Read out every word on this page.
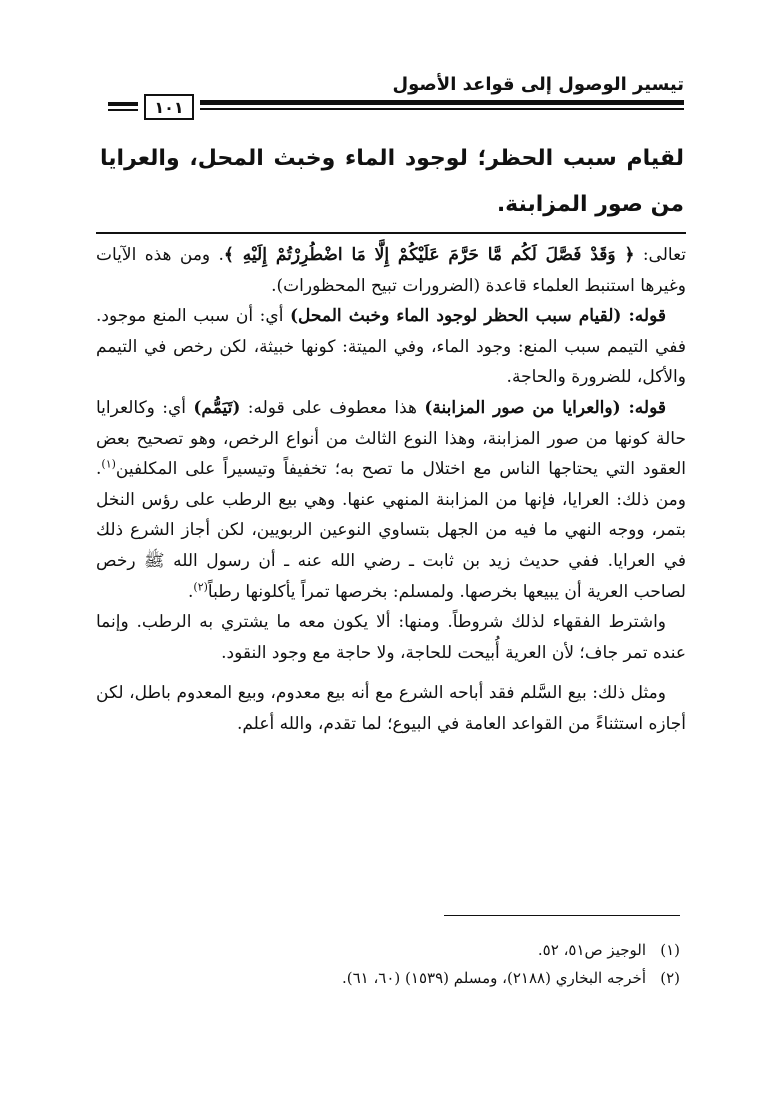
تيسير الوصول إلى قواعد الأصول
١٠١
لقيام سبب الحظر؛ لوجود الماء وخبث المحل، والعرايا من صور المزابنة.

تعالى: ﴿ وَقَدْ فَصَّلَ لَكُم مَّا حَرَّمَ عَلَيْكُمْ إِلَّا مَا اضْطُرِرْتُمْ إِلَيْهِ ﴾. ومن هذه الآيات وغيرها استنبط العلماء قاعدة (الضرورات تبيح المحظورات).

قوله: (لقيام سبب الحظر لوجود الماء وخبث المحل) أي: أن سبب المنع موجود. ففي التيمم سبب المنع: وجود الماء، وفي الميتة: كونها خبيثة، لكن رخص في التيمم والأكل، للضرورة والحاجة.

قوله: (والعرايا من صور المزابنة) هذا معطوف على قوله: (تَيَمُّم) أي: وكالعرايا حالة كونها من صور المزابنة، وهذا النوع الثالث من أنواع الرخص، وهو تصحيح بعض العقود التي يحتاجها الناس مع اختلال ما تصح به؛ تخفيفاً وتيسيراً على المكلفين$^{(١)}$. ومن ذلك: العرايا، فإنها من المزابنة المنهي عنها. وهي بيع الرطب على رؤس النخل بتمر، ووجه النهي ما فيه من الجهل بتساوي النوعين الربويين، لكن أجاز الشرع ذلك في العرايا. ففي حديث زيد بن ثابت ـ رضي الله عنه ـ أن رسول الله ﷺ رخص لصاحب العرية أن يبيعها بخرصها. ولمسلم: بخرصها تمراً يأكلونها رطباً$^{(٢)}$.

واشترط الفقهاء لذلك شروطاً. ومنها: ألا يكون معه ما يشتري به الرطب. وإنما عنده تمر جاف؛ لأن العرية أُبيحت للحاجة، ولا حاجة مع وجود النقود.

ومثل ذلك: بيع السَّلم فقد أباحه الشرع مع أنه بيع معدوم، وبيع المعدوم باطل، لكن أجازه استثناءً من القواعد العامة في البيوع؛ لما تقدم، والله أعلم.

(١)الوجيز ص٥١، ٥٢.
(٢)أخرجه البخاري (٢١٨٨)، ومسلم (١٥٣٩) (٦٠، ٦١).
